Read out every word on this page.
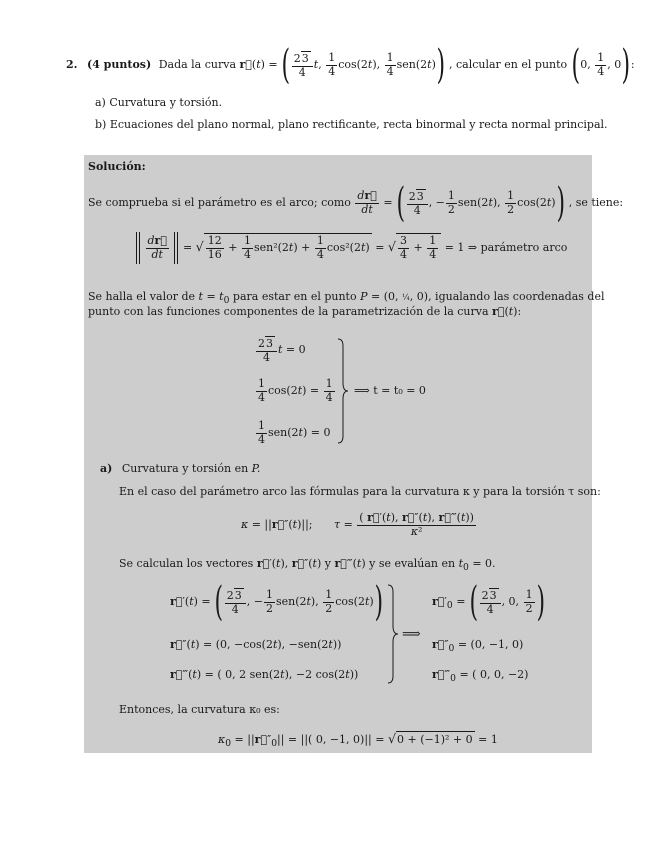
2. (4 puntos) Dada la curva r⃗(t) = ( $\frac{23}{4} t$, $\frac{1}{4} \cos(2t)$, $\frac{1}{4} sen(2t)$) , calcular en el punto (0, $\frac{1}{4}$ , 0):
a) Curvatura y torsión.
b) Ecuaciones del plano normal, plano rectificante, recta binormal y recta normal principal.
Solución:
Se comprueba si el parámetro es el arco; como $\frac{dr⃗}{dt}$ = ( $\frac{23}{4}$ , − $\frac{1}{2} sen(2t)$, $\frac{1}{2} \cos(2t)$) , se tiene:

$\frac{dr⃗}{dt}$ = √ $\frac{12}{16} + \frac{1}{4} sen^2(2t) + \frac{1}{4} \cos^2(2t)$ = √ $\frac{3}{4} + \frac{1}{4} = 1$ ⇒ parámetro arco
Se halla el valor de $t = t_0$ para estar en el punto P = (0, ¼, 0), igualando las coordenadas del
punto con las funciones componentes de la parametrización de la curva r⃗(t):
$\frac{23}{4}$ t = 0
$\frac{1}{4} \cos(2t) = \frac{1}{4}$
$\frac{1}{4} sen(2t) = 0$
⟹ t = t₀ = 0
a) Curvatura y torsión en P.
En el caso del parámetro arco las fórmulas para la curvatura κ y para la torsión τ son:
κ = ||r⃗″(t)||; $\tau = \frac{( r⃗'(t), r⃗''(t), r⃗‴(t))}{\text{κ²}}$
Se calculan los vectores r⃗′(t), r⃗″(t) y r⃗‴(t) y se evalúan en $t_0 = 0$.
r⃗′(t) = ( $\frac{23}{4}$ , − $\frac{1}{2} sen(2t)$, $\frac{1}{2} \cos(2t)$)
r⃗″(t) = (0, −cos(2t), −sen(2t))
r⃗‴(t) = ( 0, 2 sen(2t), −2 cos(2t))
⟹
$r⃗'_0$ = ( $\frac{23}{4}$ , 0, $\frac{1}{2}$ )
$r⃗''_0 = (0$, −1, 0)
$r⃗‴_0$ = ( 0, 0, −2)
Entonces, la curvatura κ₀ es:
$\kappa_0$ = $||r⃗''_0||$ = ||( 0, −1, 0)|| = √0 + (−1)² + 0 = 1
